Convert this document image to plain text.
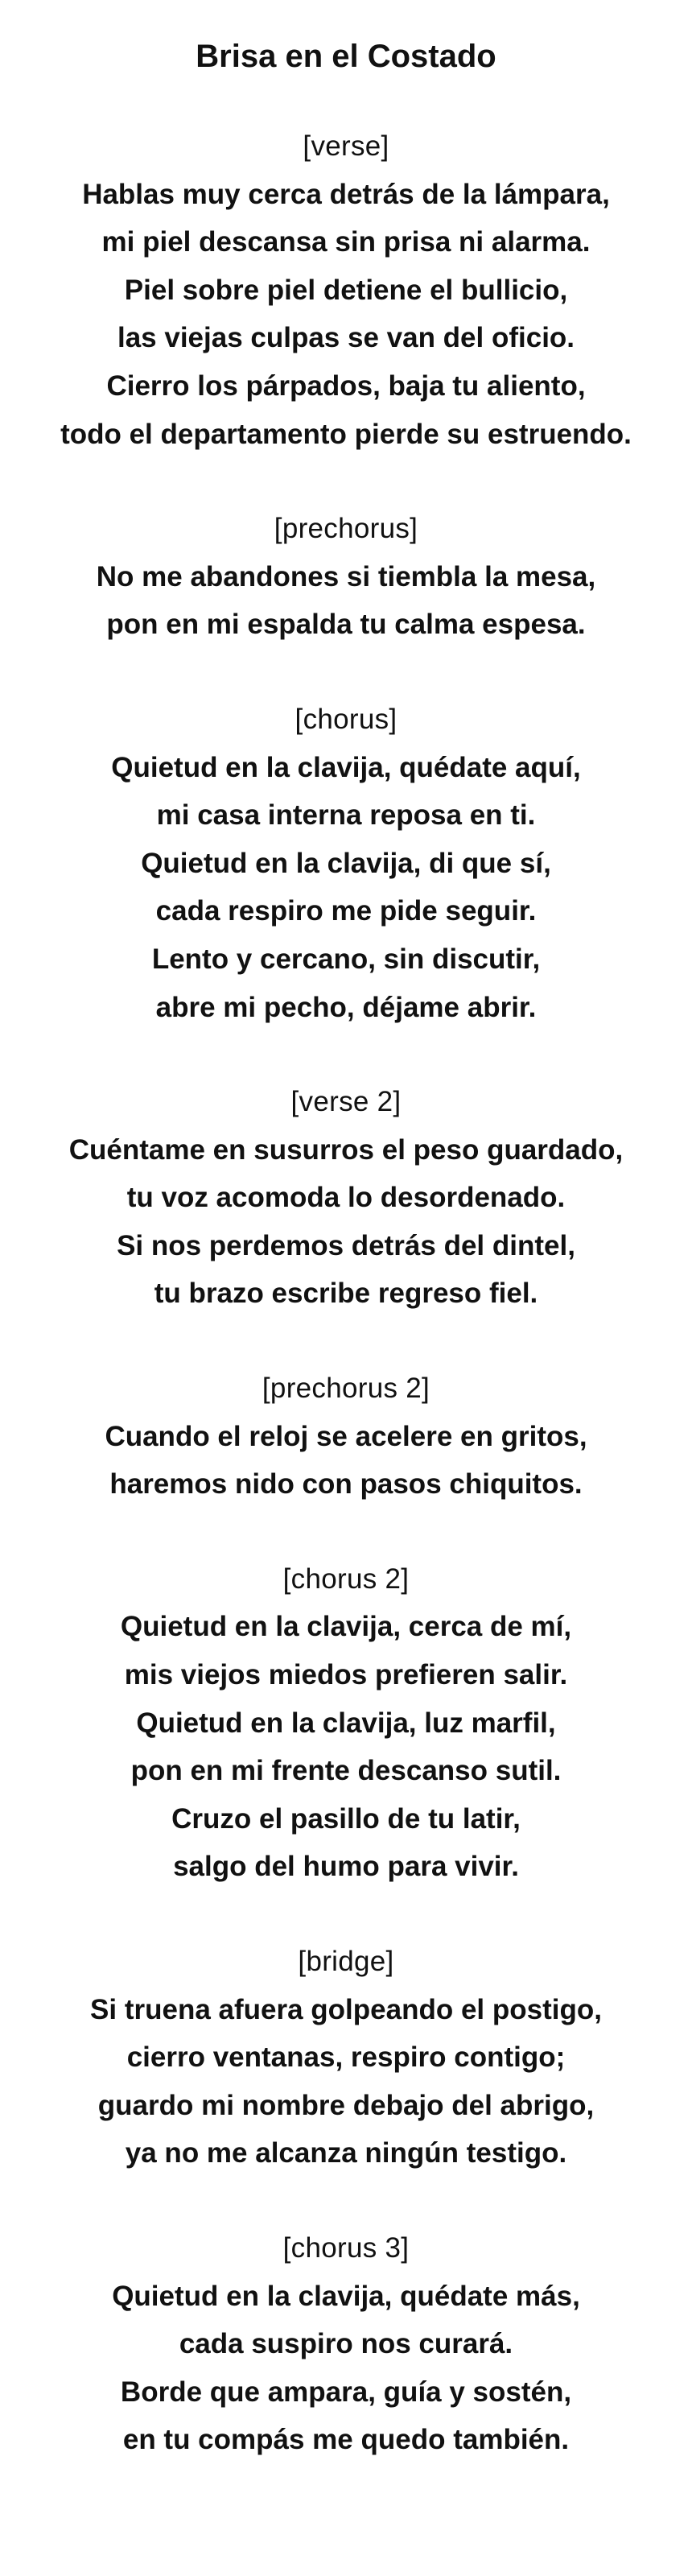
Brisa en el Costado
[verse]
Hablas muy cerca detrás de la lámpara,
mi piel descansa sin prisa ni alarma.
Piel sobre piel detiene el bullicio,
las viejas culpas se van del oficio.
Cierro los párpados, baja tu aliento,
todo el departamento pierde su estruendo.
[prechorus]
No me abandones si tiembla la mesa,
pon en mi espalda tu calma espesa.
[chorus]
Quietud en la clavija, quédate aquí,
mi casa interna reposa en ti.
Quietud en la clavija, di que sí,
cada respiro me pide seguir.
Lento y cercano, sin discutir,
abre mi pecho, déjame abrir.
[verse 2]
Cuéntame en susurros el peso guardado,
tu voz acomoda lo desordenado.
Si nos perdemos detrás del dintel,
tu brazo escribe regreso fiel.
[prechorus 2]
Cuando el reloj se acelere en gritos,
haremos nido con pasos chiquitos.
[chorus 2]
Quietud en la clavija, cerca de mí,
mis viejos miedos prefieren salir.
Quietud en la clavija, luz marfil,
pon en mi frente descanso sutil.
Cruzo el pasillo de tu latir,
salgo del humo para vivir.
[bridge]
Si truena afuera golpeando el postigo,
cierro ventanas, respiro contigo;
guardo mi nombre debajo del abrigo,
ya no me alcanza ningún testigo.
[chorus 3]
Quietud en la clavija, quédate más,
cada suspiro nos curará.
Borde que ampara, guía y sostén,
en tu compás me quedo también.
